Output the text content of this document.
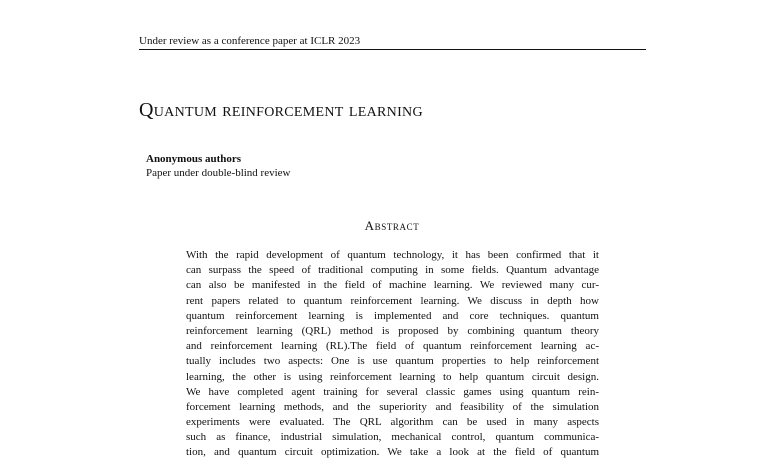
Under review as a conference paper at ICLR 2023
Quantum reinforcement learning
Anonymous authors
Paper under double-blind review
Abstract
With the rapid development of quantum technology, it has been confirmed that it
can surpass the speed of traditional computing in some fields. Quantum advantage
can also be manifested in the field of machine learning. We reviewed many cur-
rent papers related to quantum reinforcement learning. We discuss in depth how
quantum reinforcement learning is implemented and core techniques. quantum
reinforcement learning (QRL) method is proposed by combining quantum theory
and reinforcement learning (RL).The field of quantum reinforcement learning ac-
tually includes two aspects: One is use quantum properties to help reinforcement
learning, the other is using reinforcement learning to help quantum circuit design.
We have completed agent training for several classic games using quantum rein-
forcement learning methods, and the superiority and feasibility of the simulation
experiments were evaluated. The QRL algorithm can be used in many aspects
such as finance, industrial simulation, mechanical control, quantum communica-
tion, and quantum circuit optimization. We take a look at the field of quantum
